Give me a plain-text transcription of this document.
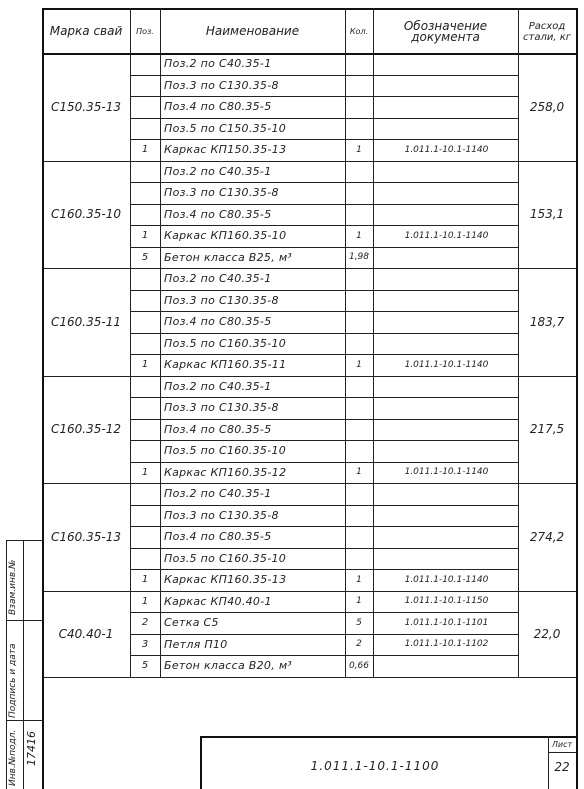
Марка свай	Поз.	Наименование	Кол.	Обозначение документа
Расход стали, кг
Поз.2 по С40.35-1
Поз.3 по С130.35-8
Поз.4 по С80.35-5
Поз.5 по С150.35-10
1	Каркас КП150.35-13	1	1.011.1-10.1-1140
С150.35-13	258,0
Поз.2 по С40.35-1
Поз.3 по С130.35-8
Поз.4 по С80.35-5
1	Каркас КП160.35-10	1	1.011.1-10.1-1140
5	Бетон класса В25, м³	1,98
С160.35-10	153,1
Поз.2 по С40.35-1
Поз.3 по С130.35-8
Поз.4 по С80.35-5
Поз.5 по С160.35-10
1	Каркас КП160.35-11	1	1.011.1-10.1-1140
С160.35-11	183,7
Поз.2 по С40.35-1
Поз.3 по С130.35-8
Поз.4 по С80.35-5
Поз.5 по С160.35-10
1	Каркас КП160.35-12	1	1.011.1-10.1-1140
С160.35-12	217,5
Поз.2 по С40.35-1
Поз.3 по С130.35-8
Поз.4 по С80.35-5
Поз.5 по С160.35-10
1	Каркас КП160.35-13	1	1.011.1-10.1-1140
С160.35-13	274,2
1	Каркас КП40.40-1	1	1.011.1-10.1-1150
2	Сетка С5	5	1.011.1-10.1-1101
3	Петля П10	2	1.011.1-10.1-1102
5	Бетон класса В20, м³	0,66
С40.40-1	22,0
1.011.1-10.1-1100
Лист
22
Взам.инв.№
Подпись и дата
Инв.№подл. 17416
